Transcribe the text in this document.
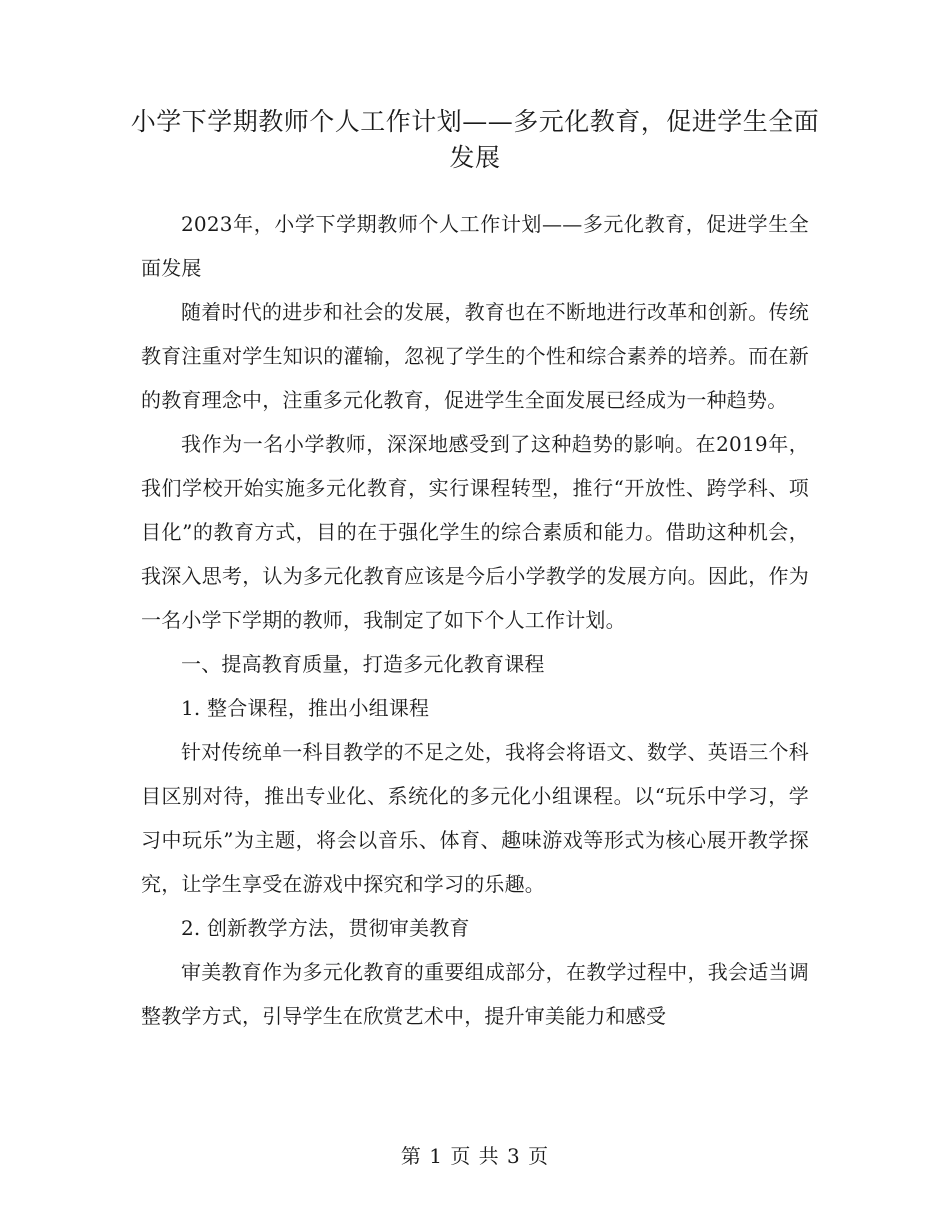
小学下学期教师个人工作计划——多元化教育，促进学生全面发展

2023年，小学下学期教师个人工作计划——多元化教育，促进学生全面发展

随着时代的进步和社会的发展，教育也在不断地进行改革和创新。传统教育注重对学生知识的灌输，忽视了学生的个性和综合素养的培养。而在新的教育理念中，注重多元化教育，促进学生全面发展已经成为一种趋势。

我作为一名小学教师，深深地感受到了这种趋势的影响。在2019年，我们学校开始实施多元化教育，实行课程转型，推行“开放性、跨学科、项目化”的教育方式，目的在于强化学生的综合素质和能力。借助这种机会，我深入思考，认为多元化教育应该是今后小学教学的发展方向。因此，作为一名小学下学期的教师，我制定了如下个人工作计划。

一、提高教育质量，打造多元化教育课程

1. 整合课程，推出小组课程

针对传统单一科目教学的不足之处，我将会将语文、数学、英语三个科目区别对待，推出专业化、系统化的多元化小组课程。以“玩乐中学习，学习中玩乐”为主题，将会以音乐、体育、趣味游戏等形式为核心展开教学探究，让学生享受在游戏中探究和学习的乐趣。

2. 创新教学方法，贯彻审美教育

审美教育作为多元化教育的重要组成部分，在教学过程中，我会适当调整教学方式，引导学生在欣赏艺术中，提升审美能力和感受

第 1 页 共 3 页
